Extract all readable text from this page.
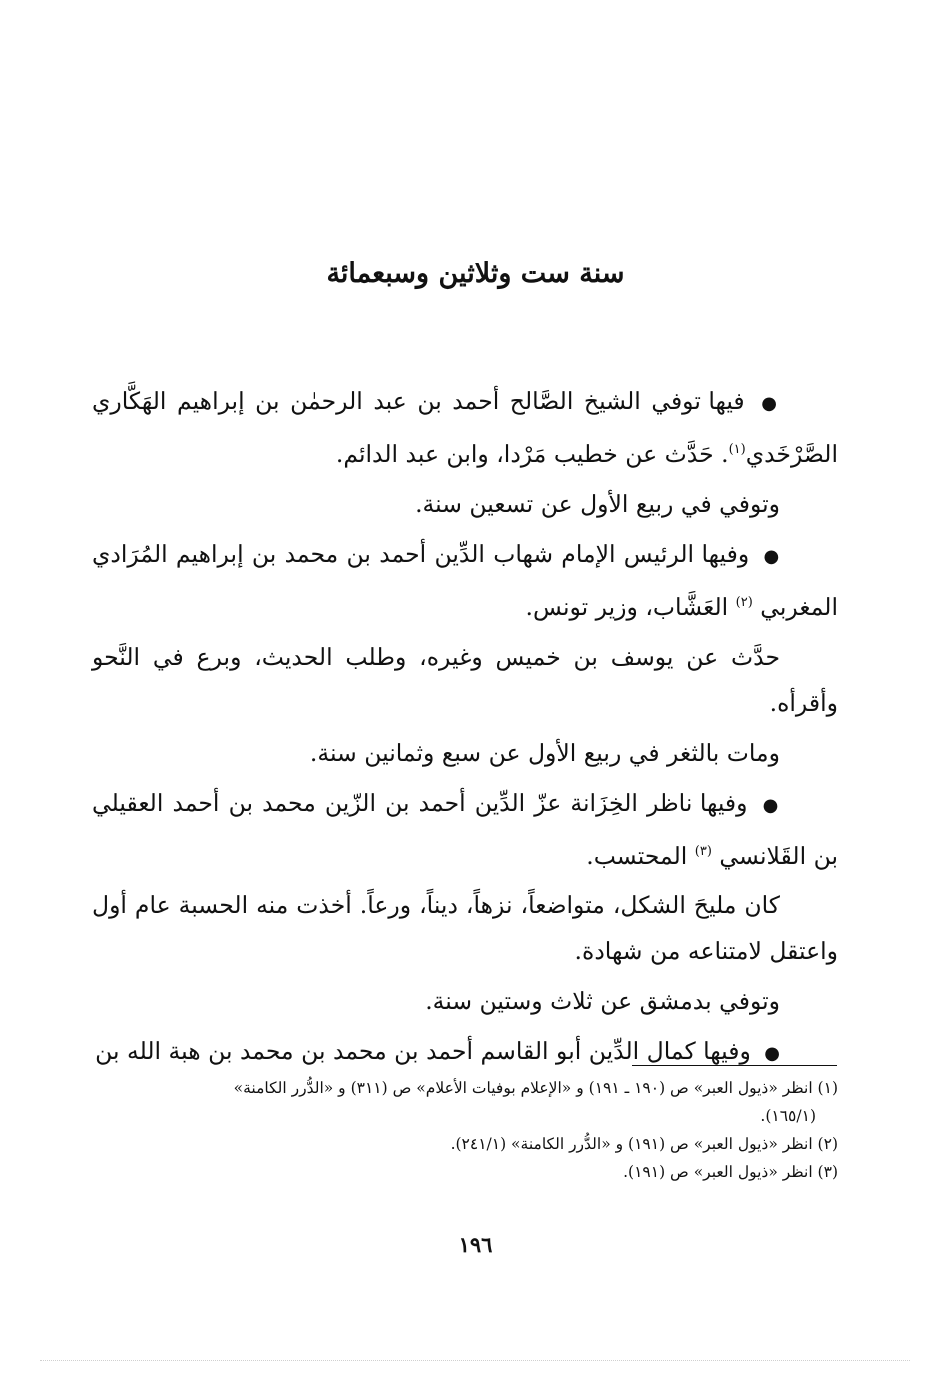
سنة ست وثلاثين وسبعمائة

● فيها توفي الشيخ الصَّالح أحمد بن عبد الرحمٰن بن إبراهيم الهَكَّاري الصَّرْخَدي$^{(١)}$. حَدَّث عن خطيب مَرْدا، وابن عبد الدائم.

وتوفي في ربيع الأول عن تسعين سنة.

● وفيها الرئيس الإمام شهاب الدِّين أحمد بن محمد بن إبراهيم المُرَادي المغربي $^{(٢)}$ العَشَّاب، وزير تونس.

حدَّث عن يوسف بن خميس وغيره، وطلب الحديث، وبرع في النَّحو وأقرأه.

ومات بالثغر في ربيع الأول عن سبع وثمانين سنة.

● وفيها ناظر الخِزَانة عزّ الدِّين أحمد بن الزّين محمد بن أحمد العقيلي بن القَلانسي $^{(٣)}$ المحتسب.

كان مليحَ الشكل، متواضعاً، نزهاً، ديناً، ورعاً. أخذت منه الحسبة عام أول واعتقل لامتناعه من شهادة.

وتوفي بدمشق عن ثلاث وستين سنة.

● وفيها كمال الدِّين أبو القاسم أحمد بن محمد بن محمد بن هبة الله بن

(١) انظر «ذيول العبر» ص (١٩٠ ـ ١٩١) و «الإعلام بوفيات الأعلام» ص (٣١١) و «الدُّرر الكامنة»

(١٦٥/١).

(٢) انظر «ذيول العبر» ص (١٩١) و «الدُّرر الكامنة» (٢٤١/١).

(٣) انظر «ذيول العبر» ص (١٩١).

١٩٦
